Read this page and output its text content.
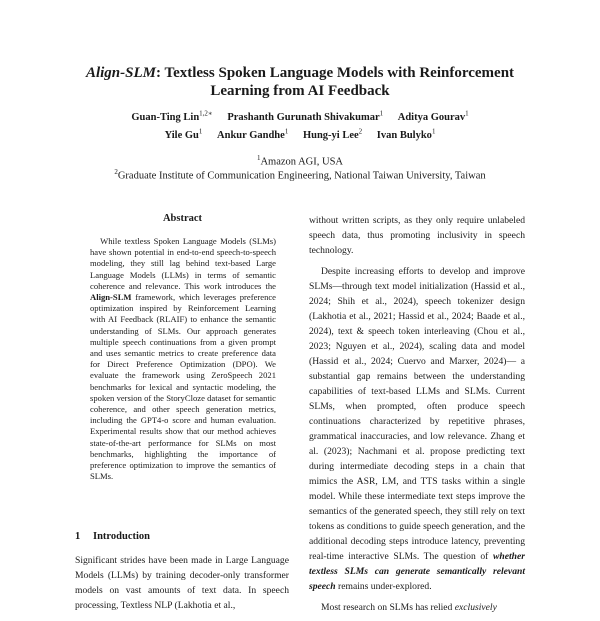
Align-SLM: Textless Spoken Language Models with Reinforcement
Learning from AI Feedback
Guan-Ting Lin$^{1,2∗}$ Prashanth Gurunath Shivakumar$^1$ Aditya Gourav$^1$
Yile Gu$^1$ Ankur Gandhe$^1$ Hung-yi Lee$^2$ Ivan Bulyko$^1$
$^1$Amazon AGI, USA
$^2$Graduate Institute of Communication Engineering, National Taiwan University, Taiwan
Abstract

While textless Spoken Language Models (SLMs) have shown potential in end-to-end speech-to-speech modeling, they still lag behind text-based Large Language Models (LLMs) in terms of semantic coherence and relevance. This work introduces the Align-SLM framework, which leverages preference optimization inspired by Reinforcement Learning with AI Feedback (RLAIF) to enhance the semantic understanding of SLMs. Our approach generates multiple speech continuations from a given prompt and uses semantic metrics to create preference data for Direct Preference Optimization (DPO). We evaluate the framework using ZeroSpeech 2021 benchmarks for lexical and syntactic modeling, the spoken version of the StoryCloze dataset for semantic coherence, and other speech generation metrics, including the GPT4-o score and human evaluation. Experimental results show that our method achieves state-of-the-art performance for SLMs on most benchmarks, highlighting the importance of preference optimization to improve the semantics of SLMs.

1 Introduction
Significant strides have been made in Large Language Models (LLMs) by training decoder-only transformer models on vast amounts of text data. In speech processing, Textless NLP (Lakhotia et al.,

without written scripts, as they only require unlabeled speech data, thus promoting inclusivity in speech technology.

Despite increasing efforts to develop and improve SLMs—through text model initialization (Hassid et al., 2024; Shih et al., 2024), speech tokenizer design (Lakhotia et al., 2021; Hassid et al., 2024; Baade et al., 2024), text & speech token interleaving (Chou et al., 2023; Nguyen et al., 2024), scaling data and model (Hassid et al., 2024; Cuervo and Marxer, 2024)— a substantial gap remains between the understanding capabilities of text-based LLMs and SLMs. Current SLMs, when prompted, often produce speech continuations characterized by repetitive phrases, grammatical inaccuracies, and low relevance. Zhang et al. (2023); Nachmani et al. propose predicting text during intermediate decoding steps in a chain that mimics the ASR, LM, and TTS tasks within a single model. While these intermediate text steps improve the semantics of the generated speech, they still rely on text tokens as conditions to guide speech generation, and the additional decoding steps introduce latency, preventing real-time interactive SLMs. The question of whether textless SLMs can generate semantically relevant speech remains under-explored.

Most research on SLMs has relied exclusively
